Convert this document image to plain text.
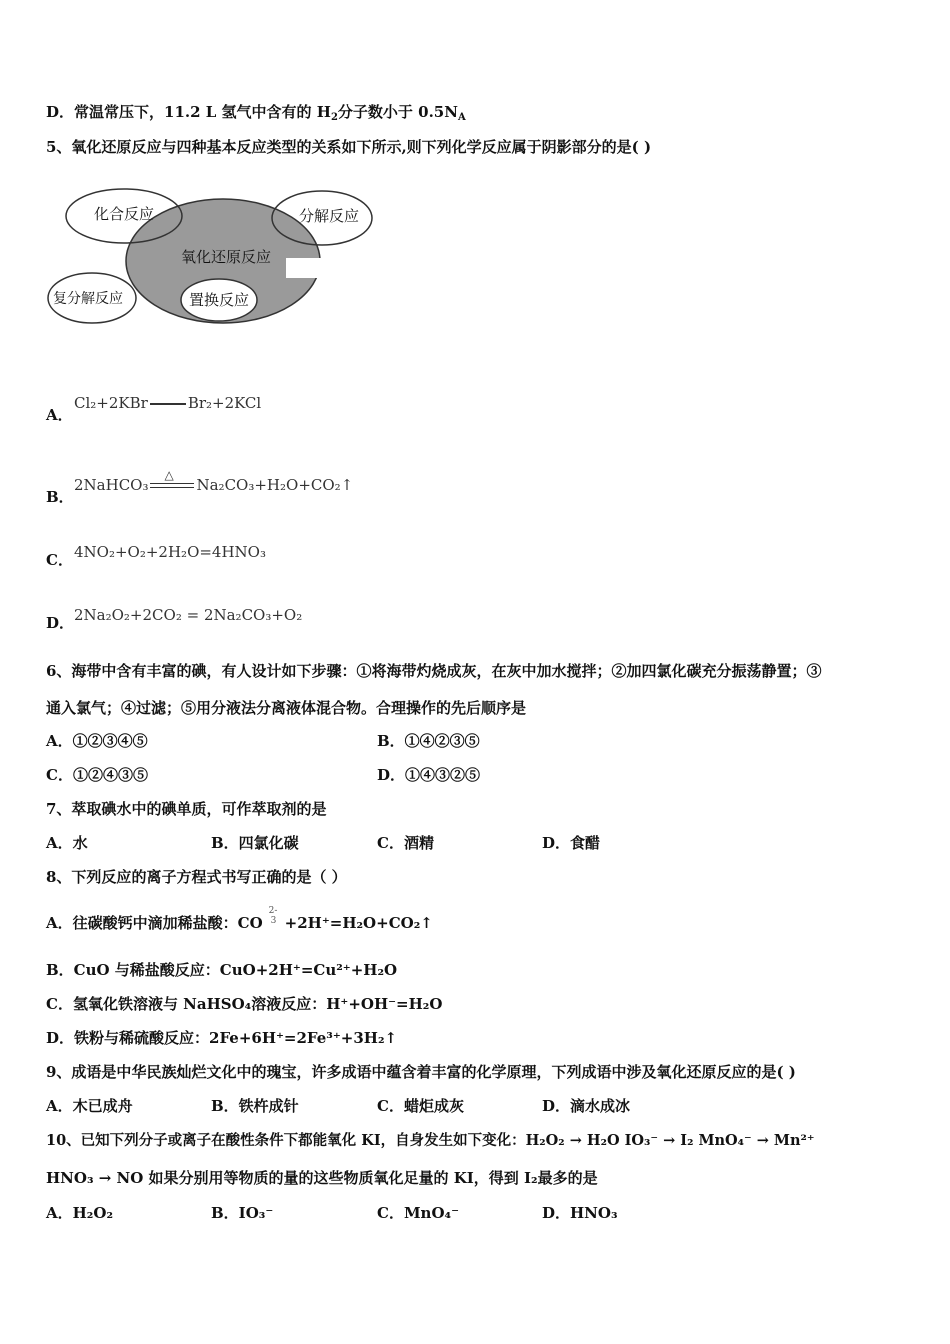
D．常温常压下，11.2 L 氢气中含有的 $H_2$分子数小于 $0.5N_A$
5、氧化还原反应与四种基本反应类型的关系如下所示,则下列化学反应属于阴影部分的是( )
氧化还原反应
化合反应	分解反应
复分解反应	置换反应
A．
Cl₂+2KBr	Br₂+2KCl
B．
2NaHCO₃
△
Na₂CO₃+H₂O+CO₂↑
C． 4NO₂+O₂+2H₂O=4HNO₃
D． 2Na₂O₂+2CO₂ = 2Na₂CO₃+O₂
6、海带中含有丰富的碘，有人设计如下步骤：①将海带灼烧成灰，在灰中加水搅拌；②加四氯化碳充分振荡静置；③
通入氯气；④过滤；⑤用分液法分离液体混合物。合理操作的先后顺序是
A．①②③④⑤	B．①④②③⑤
C．①②④③⑤	D．①④③②⑤
7、萃取碘水中的碘单质，可作萃取剂的是
A．水	B．四氯化碳	C．酒精	D．食醋
8、下列反应的离子方程式书写正确的是（ ）
A．往碳酸钙中滴加稀盐酸：CO
2-
3 +2H⁺=H₂O+CO₂↑
B．CuO 与稀盐酸反应：CuO+2H⁺=Cu²⁺+H₂O
C．氢氧化铁溶液与 NaHSO₄溶液反应：H⁺+OH⁻=H₂O
D．铁粉与稀硫酸反应：2Fe+6H⁺=2Fe³⁺+3H₂↑
9、成语是中华民族灿烂文化中的瑰宝，许多成语中蕴含着丰富的化学原理，下列成语中涉及氧化还原反应的是( )
A．木已成舟	B．铁杵成针	C．蜡炬成灰	D．滴水成冰
10、已知下列分子或离子在酸性条件下都能氧化 KI，自身发生如下变化：H₂O₂ → H₂O IO₃⁻ → I₂ MnO₄⁻ → Mn²⁺
HNO₃ → NO 如果分别用等物质的量的这些物质氧化足量的 KI，得到 I₂最多的是
A．H₂O₂	B．IO₃⁻	C．MnO₄⁻	D．HNO₃
